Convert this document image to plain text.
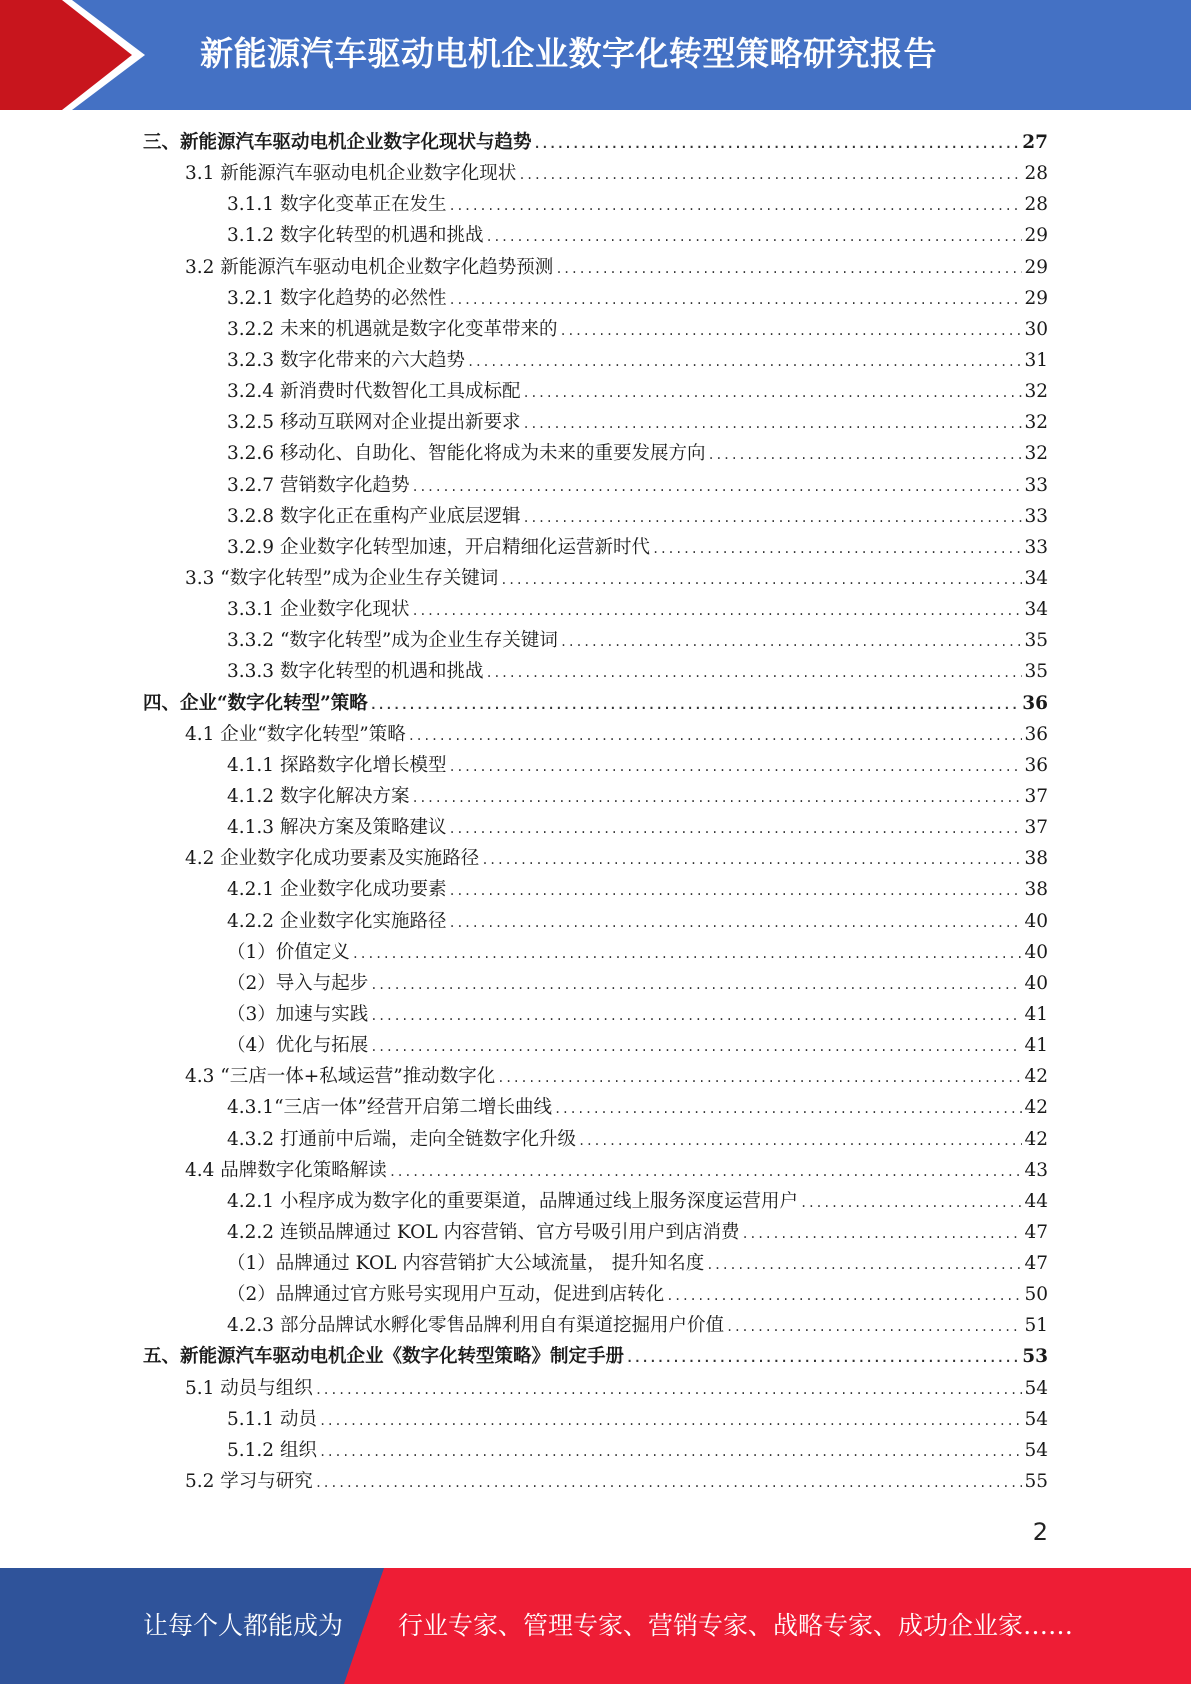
新能源汽车驱动电机企业数字化转型策略研究报告
三、新能源汽车驱动电机企业数字化现状与趋势 .....	27
3.1 新能源汽车驱动电机企业数字化现状 .....	28
3.1.1 数字化变革正在发生 .....	28
3.1.2 数字化转型的机遇和挑战 .....	29
3.2 新能源汽车驱动电机企业数字化趋势预测 .....	29
3.2.1 数字化趋势的必然性 .....	29
3.2.2 未来的机遇就是数字化变革带来的 .....	30
3.2.3 数字化带来的六大趋势 .....	31
3.2.4 新消费时代数智化工具成标配 .....	32
3.2.5 移动互联网对企业提出新要求 .....	32
3.2.6 移动化、自助化、智能化将成为未来的重要发展方向 .....	32
3.2.7 营销数字化趋势 .....	33
3.2.8 数字化正在重构产业底层逻辑 .....	33
3.2.9 企业数字化转型加速，开启精细化运营新时代 .....	33
3.3 “数字化转型”成为企业生存关键词 .....	34
3.3.1 企业数字化现状 .....	34
3.3.2 “数字化转型”成为企业生存关键词 .....	35
3.3.3 数字化转型的机遇和挑战 .....	35
四、企业“数字化转型”策略 .....	36
4.1 企业“数字化转型”策略 .....	36
4.1.1 探路数字化增长模型 .....	36
4.1.2 数字化解决方案 .....	37
4.1.3 解决方案及策略建议 .....	37
4.2 企业数字化成功要素及实施路径 .....	38
4.2.1 企业数字化成功要素 .....	38
4.2.2 企业数字化实施路径 .....	40
（1）价值定义 .....	40
（2）导入与起步 .....	40
（3）加速与实践 .....	41
（4）优化与拓展 .....	41
4.3 “三店一体+私域运营”推动数字化 .....	42
4.3.1“三店一体”经营开启第二增长曲线 .....	42
4.3.2 打通前中后端，走向全链数字化升级 .....	42
4.4 品牌数字化策略解读 .....	43
4.2.1 小程序成为数字化的重要渠道，品牌通过线上服务深度运营用户 .....	44
4.2.2 连锁品牌通过 KOL 内容营销、官方号吸引用户到店消费 .....	47
（1）品牌通过 KOL 内容营销扩大公域流量， 提升知名度 .....	47
（2）品牌通过官方账号实现用户互动，促进到店转化 .....	50
4.2.3 部分品牌试水孵化零售品牌利用自有渠道挖掘用户价值 .....	51
五、新能源汽车驱动电机企业《数字化转型策略》制定手册 .....	53
5.1 动员与组织 .....	54
5.1.1 动员 .....	54
5.1.2 组织 .....	54
5.2 学习与研究 .....	55
2
让每个人都能成为 行业专家、管理专家、营销专家、战略专家、成功企业家……
